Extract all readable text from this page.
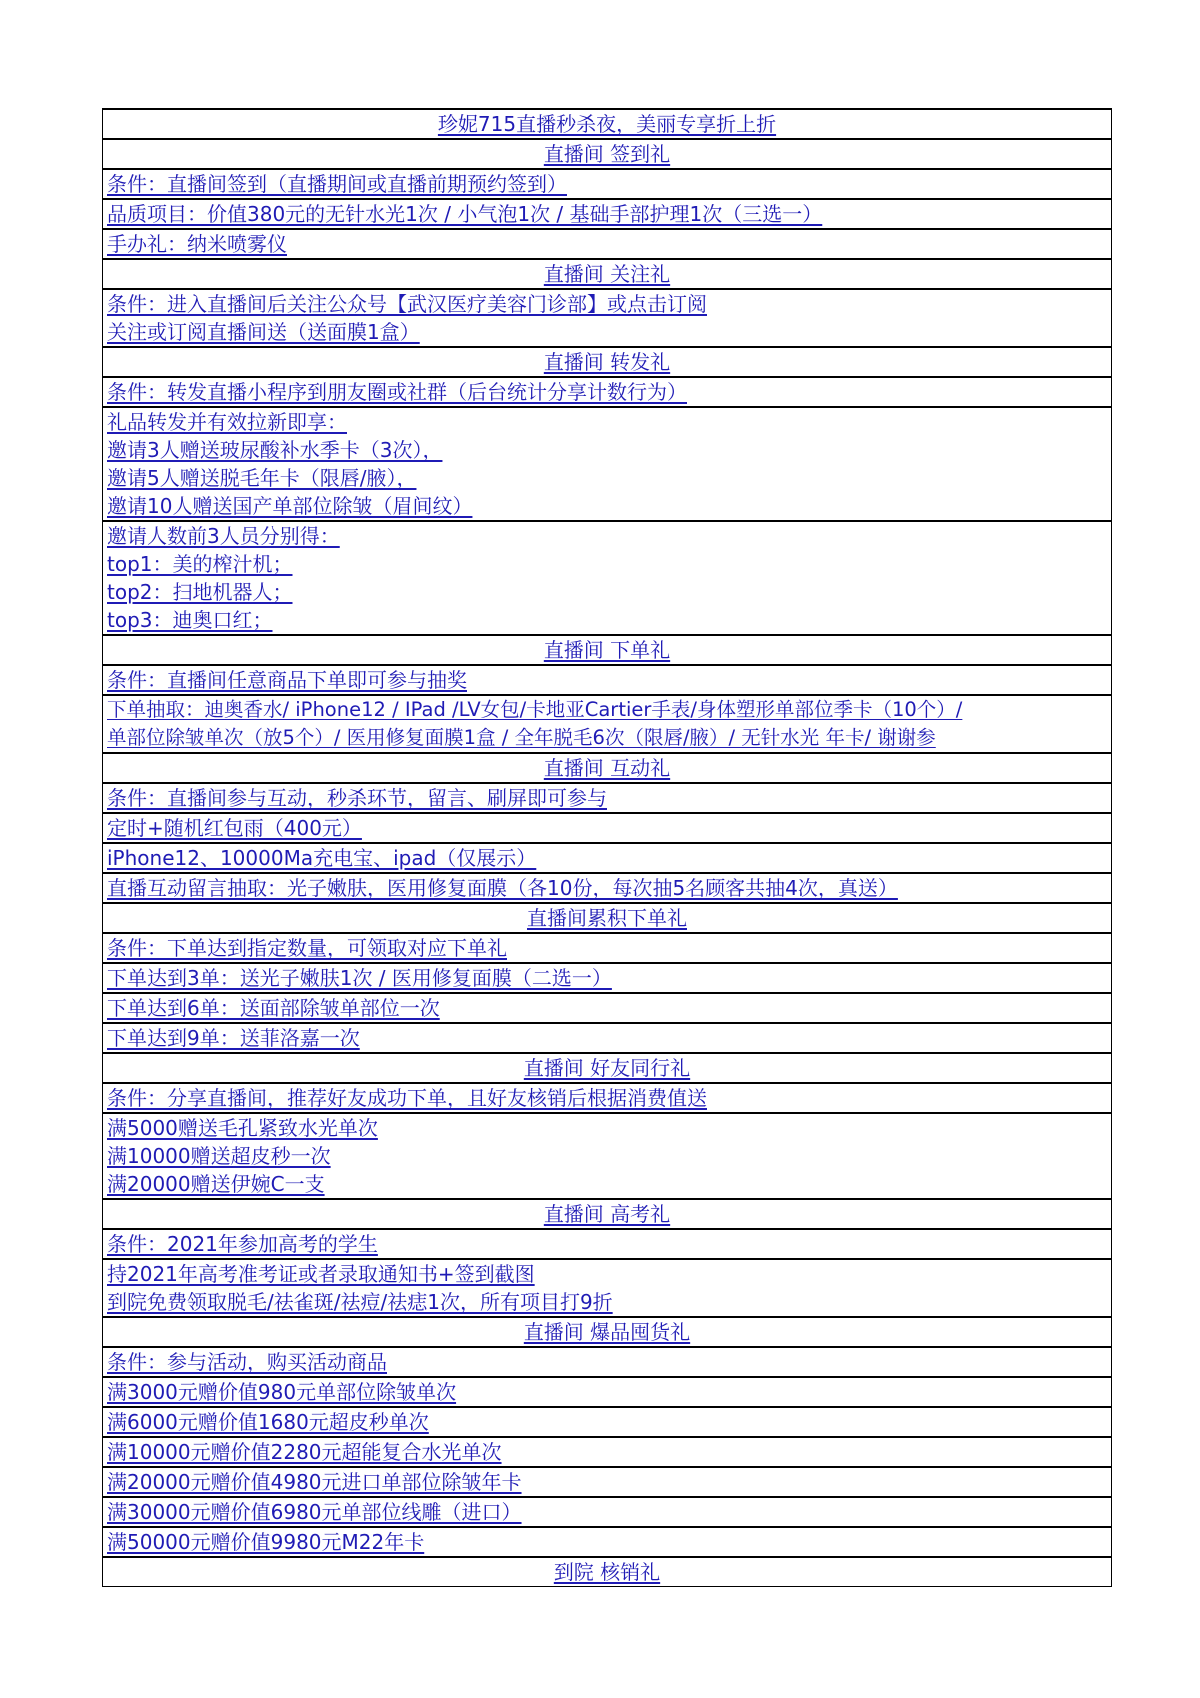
珍妮715直播秒杀夜，美丽专享折上折
直播间 签到礼
条件：直播间签到（直播期间或直播前期预约签到）
品质项目：价值380元的无针水光1次 / 小气泡1次 / 基础手部护理1次（三选一）
手办礼：纳米喷雾仪
直播间 关注礼
条件：进入直播间后关注公众号【武汉医疗美容门诊部】或点击订阅
关注或订阅直播间送（送面膜1盒）
直播间 转发礼
条件：转发直播小程序到朋友圈或社群（后台统计分享计数行为）
礼品转发并有效拉新即享：
邀请3人赠送玻尿酸补水季卡（3次），
邀请5人赠送脱毛年卡（限唇/腋），
邀请10人赠送国产单部位除皱（眉间纹）
邀请人数前3人员分别得：
top1：美的榨汁机；
top2：扫地机器人；
top3：迪奥口红；
直播间 下单礼
条件：直播间任意商品下单即可参与抽奖
下单抽取：迪奥香水/ iPhone12 / IPad /LV女包/卡地亚Cartier手表/身体塑形单部位季卡（10个）/
单部位除皱单次（放5个）/ 医用修复面膜1盒 / 全年脱毛6次（限唇/腋）/ 无针水光 年卡/ 谢谢参
直播间 互动礼
条件：直播间参与互动，秒杀环节，留言、刷屏即可参与
定时+随机红包雨（400元）
iPhone12、10000Ma充电宝、ipad（仅展示）
直播互动留言抽取：光子嫩肤，医用修复面膜（各10份，每次抽5名顾客共抽4次，真送）
直播间累积下单礼
条件：下单达到指定数量，可领取对应下单礼
下单达到3单：送光子嫩肤1次 / 医用修复面膜（二选一）
下单达到6单：送面部除皱单部位一次
下单达到9单：送菲洛嘉一次
直播间 好友同行礼
条件：分享直播间，推荐好友成功下单，且好友核销后根据消费值送
满5000赠送毛孔紧致水光单次
满10000赠送超皮秒一次
满20000赠送伊婉C一支
直播间 高考礼
条件：2021年参加高考的学生
持2021年高考准考证或者录取通知书+签到截图
到院免费领取脱毛/祛雀斑/祛痘/祛痣1次，所有项目打9折
直播间 爆品囤货礼
条件：参与活动，购买活动商品
满3000元赠价值980元单部位除皱单次
满6000元赠价值1680元超皮秒单次
满10000元赠价值2280元超能复合水光单次
满20000元赠价值4980元进口单部位除皱年卡
满30000元赠价值6980元单部位线雕（进口）
满50000元赠价值9980元M22年卡
到院 核销礼
